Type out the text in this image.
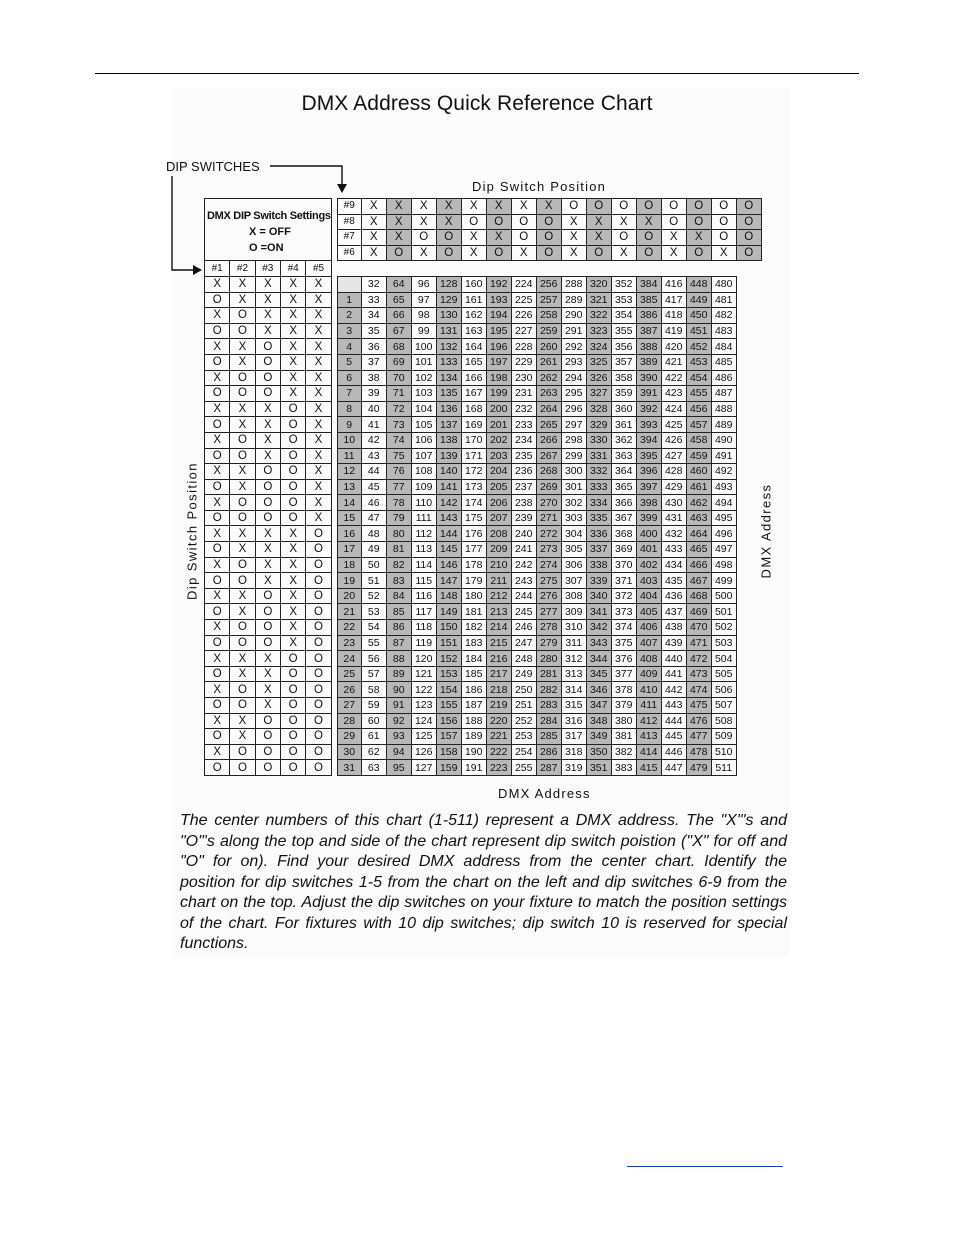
DMX Address Quick Reference Chart
DIP SWITCHES
Dip Switch Position
Dip Switch Position	DMX Address
DMX Address
DMX DIP Switch Settings
X = OFF
O =ON						#9	X	X	X	X	X	X	X	X	O	O	O	O	O	O	O	O
						#8	X	X	X	X	O	O	O	O	X	X	X	X	O	O	O	O
						#7	X	X	O	O	X	X	O	O	X	X	O	O	X	X	O	O
						#6	X	O	X	O	X	O	X	O	X	O	X	O	X	O	X	O
#1	#2	#3	#4	#5																		
X	X	X	X	X			32	64	96	128	160	192	224	256	288	320	352	384	416	448	480	
O	X	X	X	X		1	33	65	97	129	161	193	225	257	289	321	353	385	417	449	481	
X	O	X	X	X		2	34	66	98	130	162	194	226	258	290	322	354	386	418	450	482	
O	O	X	X	X		3	35	67	99	131	163	195	227	259	291	323	355	387	419	451	483	
X	X	O	X	X		4	36	68	100	132	164	196	228	260	292	324	356	388	420	452	484	
O	X	O	X	X		5	37	69	101	133	165	197	229	261	293	325	357	389	421	453	485	
X	O	O	X	X		6	38	70	102	134	166	198	230	262	294	326	358	390	422	454	486	
O	O	O	X	X		7	39	71	103	135	167	199	231	263	295	327	359	391	423	455	487	
X	X	X	O	X		8	40	72	104	136	168	200	232	264	296	328	360	392	424	456	488	
O	X	X	O	X		9	41	73	105	137	169	201	233	265	297	329	361	393	425	457	489	
X	O	X	O	X		10	42	74	106	138	170	202	234	266	298	330	362	394	426	458	490	
O	O	X	O	X		11	43	75	107	139	171	203	235	267	299	331	363	395	427	459	491	
X	X	O	O	X		12	44	76	108	140	172	204	236	268	300	332	364	396	428	460	492	
O	X	O	O	X		13	45	77	109	141	173	205	237	269	301	333	365	397	429	461	493	
X	O	O	O	X		14	46	78	110	142	174	206	238	270	302	334	366	398	430	462	494	
O	O	O	O	X		15	47	79	111	143	175	207	239	271	303	335	367	399	431	463	495	
X	X	X	X	O		16	48	80	112	144	176	208	240	272	304	336	368	400	432	464	496	
O	X	X	X	O		17	49	81	113	145	177	209	241	273	305	337	369	401	433	465	497	
X	O	X	X	O		18	50	82	114	146	178	210	242	274	306	338	370	402	434	466	498	
O	O	X	X	O		19	51	83	115	147	179	211	243	275	307	339	371	403	435	467	499	
X	X	O	X	O		20	52	84	116	148	180	212	244	276	308	340	372	404	436	468	500	
O	X	O	X	O		21	53	85	117	149	181	213	245	277	309	341	373	405	437	469	501	
X	O	O	X	O		22	54	86	118	150	182	214	246	278	310	342	374	406	438	470	502	
O	O	O	X	O		23	55	87	119	151	183	215	247	279	311	343	375	407	439	471	503	
X	X	X	O	O		24	56	88	120	152	184	216	248	280	312	344	376	408	440	472	504	
O	X	X	O	O		25	57	89	121	153	185	217	249	281	313	345	377	409	441	473	505	
X	O	X	O	O		26	58	90	122	154	186	218	250	282	314	346	378	410	442	474	506	
O	O	X	O	O		27	59	91	123	155	187	219	251	283	315	347	379	411	443	475	507	
X	X	O	O	O		28	60	92	124	156	188	220	252	284	316	348	380	412	444	476	508	
O	X	O	O	O		29	61	93	125	157	189	221	253	285	317	349	381	413	445	477	509	
X	O	O	O	O		30	62	94	126	158	190	222	254	286	318	350	382	414	446	478	510	
O	O	O	O	O		31	63	95	127	159	191	223	255	287	319	351	383	415	447	479	511	

The center numbers of this chart (1-511) represent a DMX address. The "X"'s and "O"'s along the top and side of the chart represent dip switch poistion ("X" for off and "O" for on). Find your desired DMX address from the center chart. Identify the position for dip switches 1-5 from the chart on the left and dip switches 6-9 from the chart on the top. Adjust the dip switches on your fixture to match the position settings of the chart. For fixtures with 10 dip switches; dip switch 10 is reserved for special functions.
